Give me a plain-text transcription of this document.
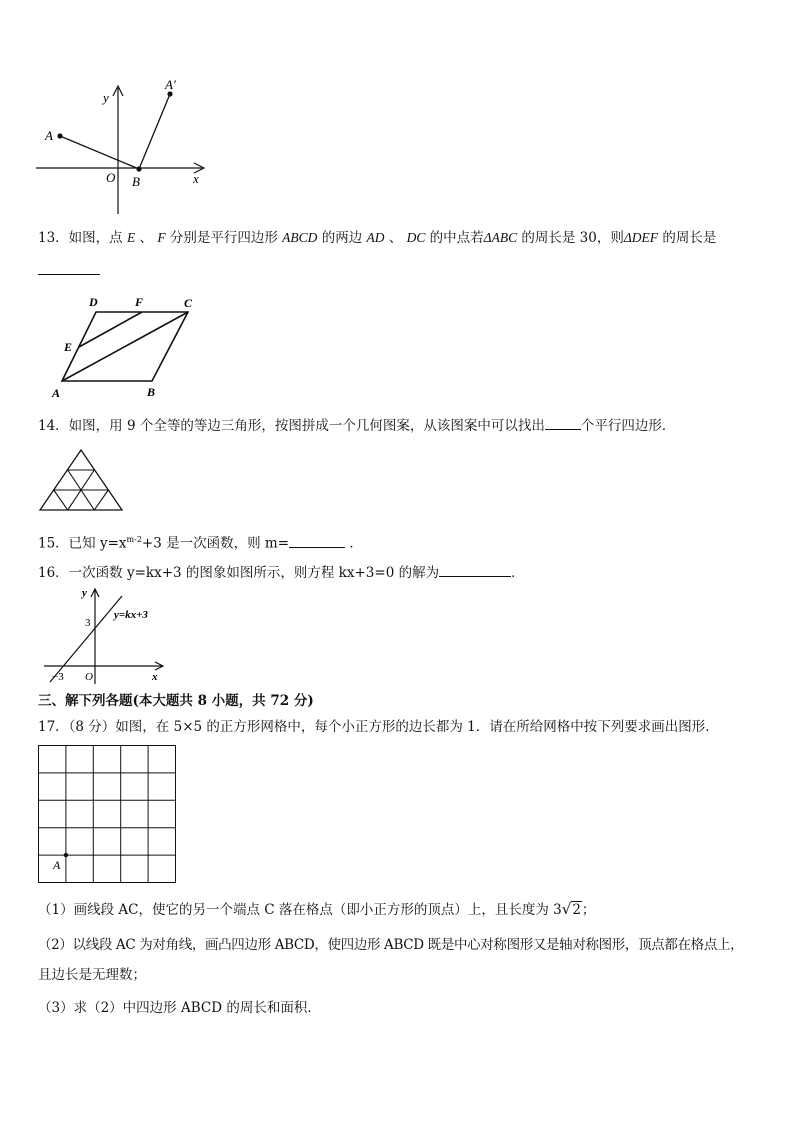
y
x
O
A
B
A′
13．如图，点 E 、 F 分别是平行四边形 ABCD 的两边 AD 、 DC 的中点若ΔABC 的周长是 30，则ΔDEF 的周长是
D	F	C
E
A	B
14．如图，用 9 个全等的等边三角形，按图拼成一个几何图案，从该图案中可以找出	个平行四边形．
15．已知 $y=x^{m-2}+3$ 是一次函数，则 m=	．
16．一次函数 y=kx+3 的图象如图所示，则方程 kx+3=0 的解为	．
y
x
O
3
−3
y=kx+3
三、解下列各题(本大题共 8 小题，共 72 分)
17．（8 分）如图，在 5×5 的正方形网格中，每个小正方形的边长都为 1．请在所给网格中按下列要求画出图形．
A
（1）画线段 AC，使它的另一个端点 C 落在格点（即小正方形的顶点）上，且长度为 3√2；
（2）以线段 AC 为对角线，画凸四边形 ABCD，使四边形 ABCD 既是中心对称图形又是轴对称图形，顶点都在格点上，
且边长是无理数；
（3）求（2）中四边形 ABCD 的周长和面积．
